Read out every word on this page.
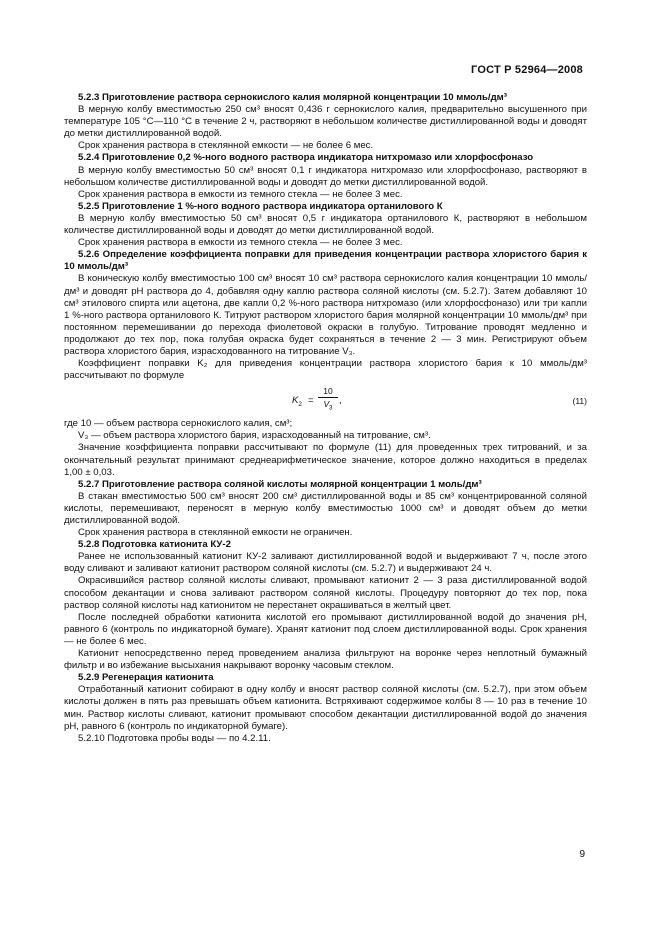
ГОСТ Р 52964—2008
5.2.3 Приготовление раствора сернокислого калия молярной концентрации 10 ммоль/дм³

В мерную колбу вместимостью 250 см³ вносят 0,436 г сернокислого калия, предварительно высушенного при температуре 105 °С—110 °С в течение 2 ч, растворяют в небольшом количестве дистиллированной воды и доводят до метки дистиллированной водой.

Срок хранения раствора в стеклянной емкости — не более 6 мес.

5.2.4 Приготовление 0,2 %-ного водного раствора индикатора нитхромазо или хлорфосфоназо

В мерную колбу вместимостью 50 см³ вносят 0,1 г индикатора нитхромазо или хлорфосфоназо, растворяют в небольшом количестве дистиллированной воды и доводят до метки дистиллированной водой.

Срок хранения раствора в емкости из темного стекла — не более 3 мес.

5.2.5 Приготовление 1 %-ного водного раствора индикатора ортанилового К

В мерную колбу вместимостью 50 см³ вносят 0,5 г индикатора ортанилового К, растворяют в небольшом количестве дистиллированной воды и доводят до метки дистиллированной водой.

Срок хранения раствора в емкости из темного стекла — не более 3 мес.

5.2.6 Определение коэффициента поправки для приведения концентрации раствора хлористого бария к 10 ммоль/дм³

В коническую колбу вместимостью 100 см³ вносят 10 см³ раствора сернокислого калия концентрации 10 ммоль/дм³ и доводят pH раствора до 4, добавляя одну каплю раствора соляной кислоты (см. 5.2.7). Затем добавляют 10 см³ этилового спирта или ацетона, две капли 0,2 %-ного раствора нитхромазо (или хлорфосфоназо) или три капли 1 %-ного раствора ортанилового К. Титруют раствором хлористого бария молярной концентрации 10 ммоль/дм³ при постоянном перемешивании до перехода фиолетовой окраски в голубую. Титрование проводят медленно и продолжают до тех пор, пока голубая окраска будет сохраняться в течение 2 — 3 мин. Регистрируют объем раствора хлористого бария, израсходованного на титрование V₃.

Коэффициент поправки K₂ для приведения концентрации раствора хлористого бария к 10 ммоль/дм³ рассчитывают по формуле

$K_2 = \frac{10}{V_3}$ ,	(11)

где 10 — объем раствора сернокислого калия, см³;

V₃ — объем раствора хлористого бария, израсходованный на титрование, см³.

Значение коэффициента поправки рассчитывают по формуле (11) для проведенных трех титрований, и за окончательный результат принимают среднеарифметическое значение, которое должно находиться в пределах 1,00 ± 0,03.

5.2.7 Приготовление раствора соляной кислоты молярной концентрации 1 моль/дм³

В стакан вместимостью 500 см³ вносят 200 см³ дистиллированной воды и 85 см³ концентрированной соляной кислоты, перемешивают, переносят в мерную колбу вместимостью 1000 см³ и доводят объем до метки дистиллированной водой.

Срок хранения раствора в стеклянной емкости не ограничен.

5.2.8 Подготовка катионита КУ-2

Ранее не использованный катионит КУ-2 заливают дистиллированной водой и выдерживают 7 ч, после этого воду сливают и заливают катионит раствором соляной кислоты (см. 5.2.7) и выдерживают 24 ч.

Окрасившийся раствор соляной кислоты сливают, промывают катионит 2 — 3 раза дистиллированной водой способом декантации и снова заливают раствором соляной кислоты. Процедуру повторяют до тех пор, пока раствор соляной кислоты над катионитом не перестанет окрашиваться в желтый цвет.

После последней обработки катионита кислотой его промывают дистиллированной водой до значения pH, равного 6 (контроль по индикаторной бумаге). Хранят катионит под слоем дистиллированной воды. Срок хранения — не более 6 мес.

Катионит непосредственно перед проведением анализа фильтруют на воронке через неплотный бумажный фильтр и во избежание высыхания накрывают воронку часовым стеклом.

5.2.9 Регенерация катионита

Отработанный катионит собирают в одну колбу и вносят раствор соляной кислоты (см. 5.2.7), при этом объем кислоты должен в пять раз превышать объем катионита. Встряхивают содержимое колбы 8 — 10 раз в течение 10 мин. Раствор кислоты сливают, катионит промывают способом декантации дистиллированной водой до значения pH, равного 6 (контроль по индикаторной бумаге).

5.2.10 Подготовка пробы воды — по 4.2.11.

9
